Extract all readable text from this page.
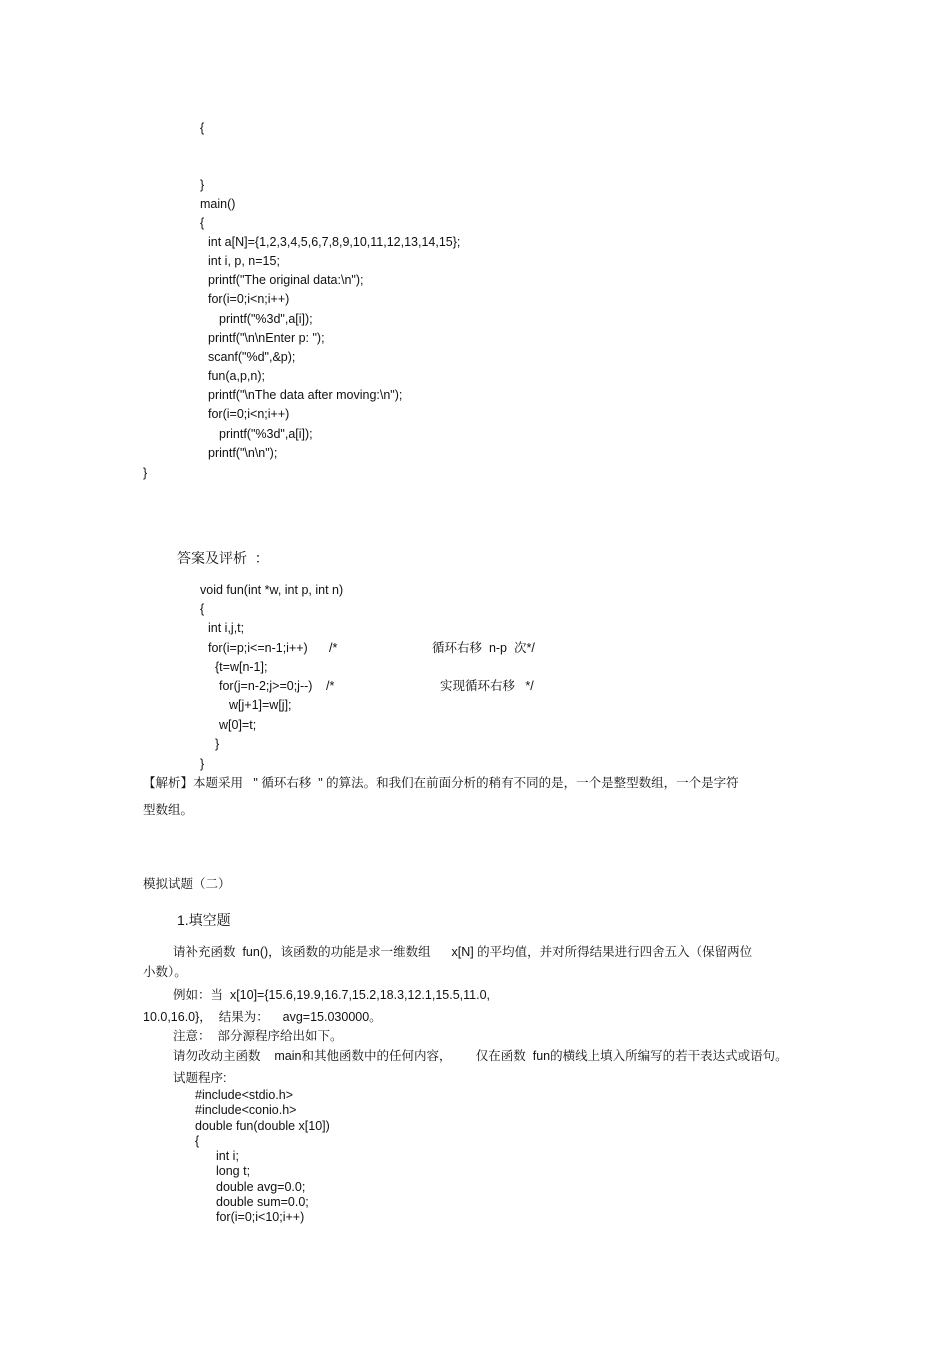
{
}
main()
{
int a[N]={1,2,3,4,5,6,7,8,9,10,11,12,13,14,15};
int i, p, n=15;
printf("The original data:\n");
for(i=0;i<n;i++)
printf("%3d",a[i]);
printf("\n\nEnter p: ");
scanf("%d",&p);
fun(a,p,n);
printf("\nThe data after moving:\n");
for(i=0;i<n;i++)
printf("%3d",a[i]);
printf("\n\n");
}
答案及评析  ：
void fun(int *w, int p, int n)
{
int i,j,t;
for(i=p;i<=n-1;i++) /*	循环右移  n-p  次*/
{t=w[n-1];
for(j=n-2;j>=0;j--) /*	实现循环右移   */
w[j+1]=w[j];
w[0]=t;
}
}
【解析】本题采用   " 循环右移  " 的算法。和我们在前面分析的稍有不同的是，一个是整型数组，一个是字符
型数组。
模拟试题（二）
1.填空题
请补充函数  fun()，该函数的功能是求一维数组      x[N] 的平均值，并对所得结果进行四舍五入（保留两位
小数）。
例如：当  x[10]={15.6,19.9,16.7,15.2,18.3,12.1,15.5,11.0,
10.0,16.0}，  结果为：    avg=15.030000。
注意：  部分源程序给出如下。
请勿改动主函数    main和其他函数中的任何内容，       仅在函数  fun的横线上填入所编写的若干表达式或语句。
试题程序:
#include<stdio.h>
#include<conio.h>
double fun(double x[10])
{
int i;
long t;
double avg=0.0;
double sum=0.0;
for(i=0;i<10;i++)
